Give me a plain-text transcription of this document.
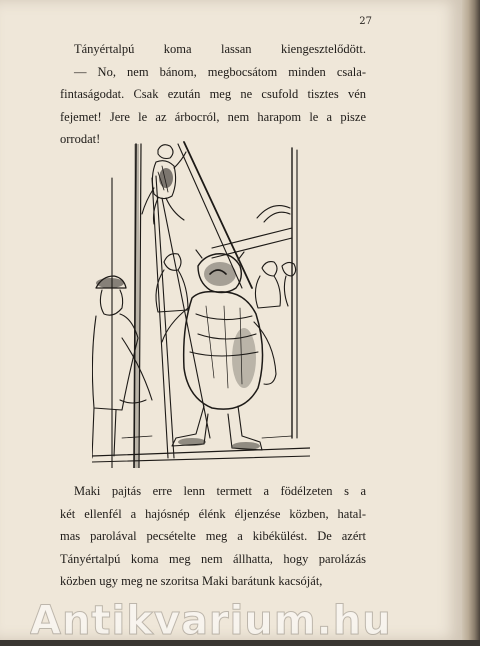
27
Tányértalpú koma lassan kiengesztelődött.
— No, nem bánom, megbocsátom minden csala-
fintaságodat. Csak ezután meg ne csufold tisztes vén
fejemet! Jere le az árbocról, nem harapom le a pisze
orrodat!
Maki pajtás erre lenn termett a födélzeten s a
két ellenfél a hajósnép élénk éljenzése közben, hatal-
mas parolával pecsételte meg a kibékülést. De azért
Tányértalpú koma meg nem állhatta, hogy parolázás
közben ugy meg ne szoritsa Maki barátunk kacsóját,
Antikvarium.hu
